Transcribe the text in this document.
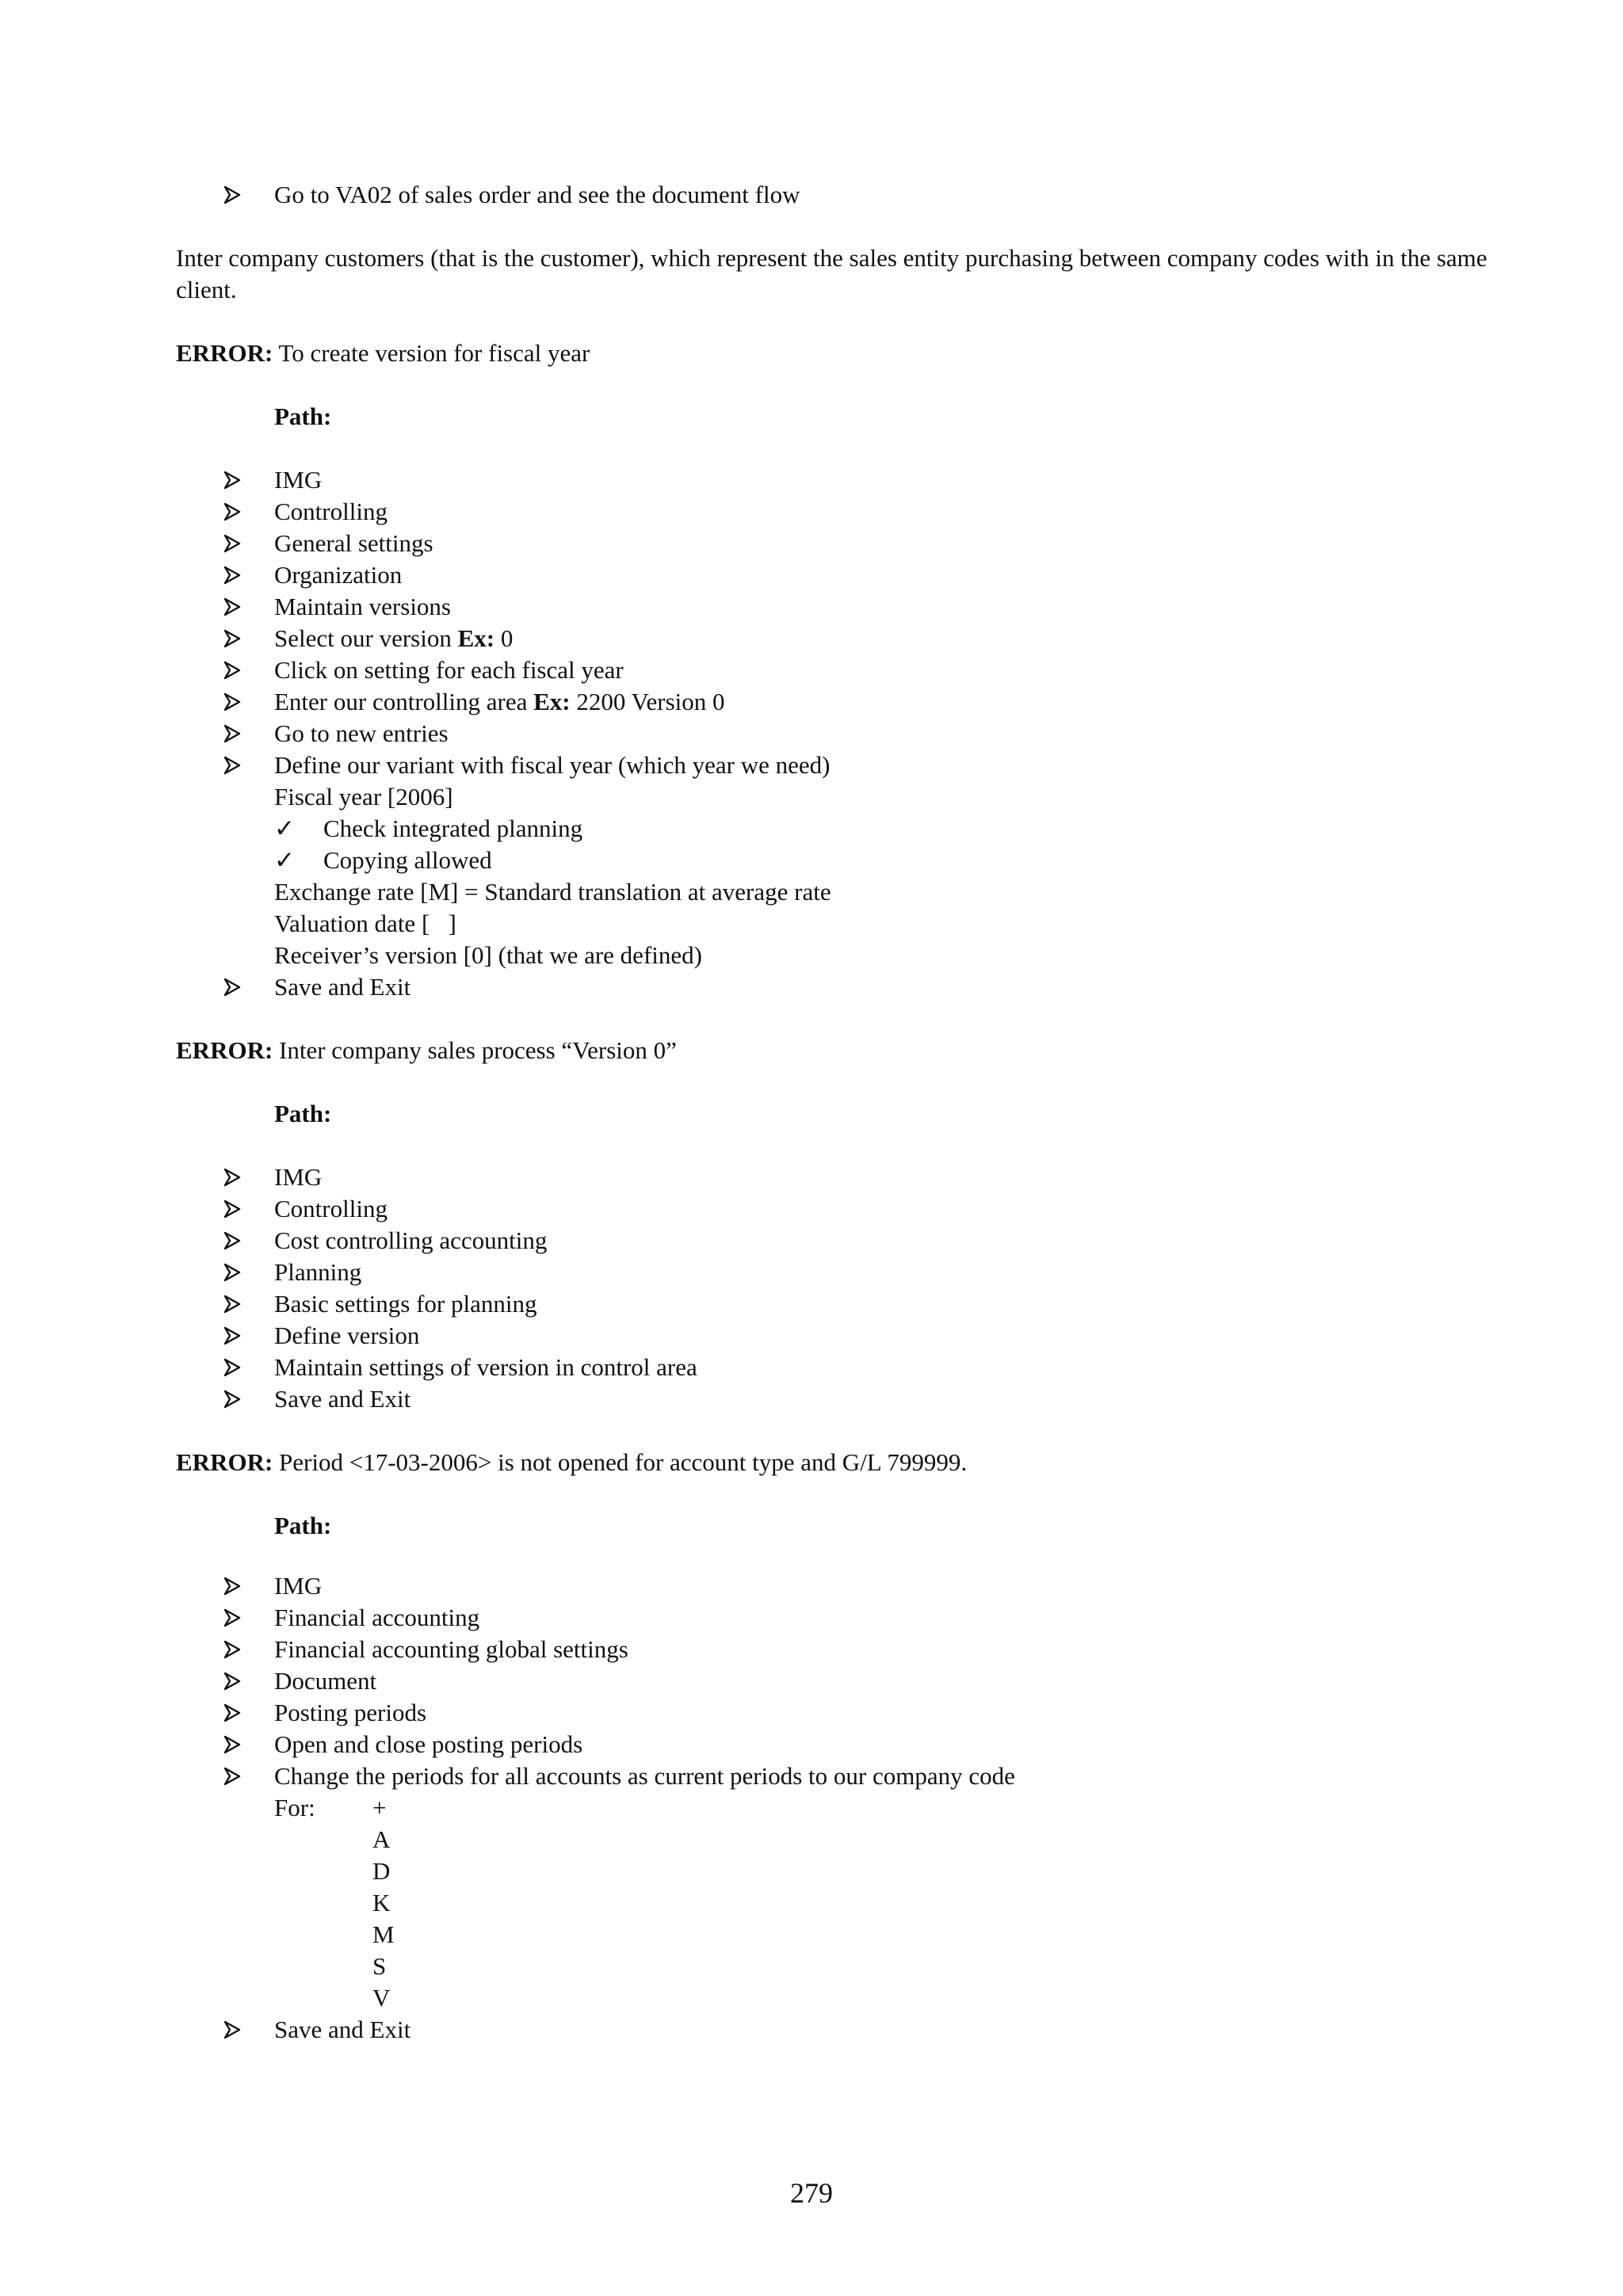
Go to VA02 of sales order and see the document flow
Inter company customers (that is the customer), which represent the sales entity purchasing between company codes with in the same client.
ERROR: To create version for fiscal year
Path:
IMG
Controlling
General settings
Organization
Maintain versions
Select our version Ex: 0
Click on setting for each fiscal year
Enter our controlling area Ex: 2200 Version 0
Go to new entries
Define our variant with fiscal year (which year we need)
Fiscal year [2006]
✓ Check integrated planning
✓ Copying allowed
Exchange rate [M] = Standard translation at average rate
Valuation date [   ]
Receiver’s version [0] (that we are defined)
Save and Exit
ERROR: Inter company sales process “Version 0”
Path:
IMG
Controlling
Cost controlling accounting
Planning
Basic settings for planning
Define version
Maintain settings of version in control area
Save and Exit
ERROR: Period <17-03-2006> is not opened for account type and G/L 799999.
Path:
IMG
Financial accounting
Financial accounting global settings
Document
Posting periods
Open and close posting periods
Change the periods for all accounts as current periods to our company code
For: +
A
D
K
M
S
V
Save and Exit
279
